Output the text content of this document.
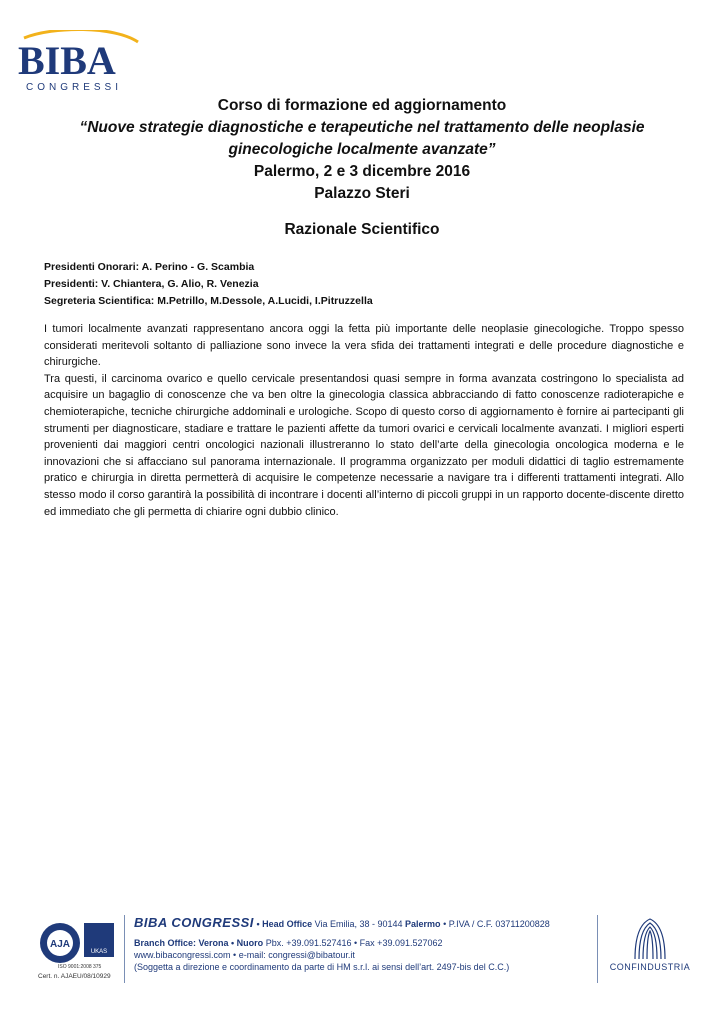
BIBA
CONGRESSI
Corso di formazione ed aggiornamento
“Nuove strategie diagnostiche e terapeutiche nel trattamento delle neoplasie
ginecologiche localmente avanzate”
Palermo, 2 e 3 dicembre 2016
Palazzo Steri
Razionale Scientifico
Presidenti Onorari: A. Perino - G. Scambia
Presidenti: V. Chiantera, G. Alio, R. Venezia
Segreteria Scientifica: M.Petrillo, M.Dessole, A.Lucidi, I.Pitruzzella

I tumori localmente avanzati rappresentano ancora oggi la fetta più importante delle neoplasie ginecologiche. Troppo spesso considerati meritevoli soltanto di palliazione sono invece la vera sfida dei trattamenti integrati e delle procedure diagnostiche e chirurgiche.

Tra questi, il carcinoma ovarico e quello cervicale presentandosi quasi sempre in forma avanzata costringono lo specialista ad acquisire un bagaglio di conoscenze che va ben oltre la ginecologia classica abbracciando di fatto conoscenze radioterapiche e chemioterapiche, tecniche chirurgiche addominali e urologiche. Scopo di questo corso di aggiornamento è fornire ai partecipanti gli strumenti per diagnosticare, stadiare e trattare le pazienti affette da tumori ovarici e cervicali localmente avanzati. I migliori esperti provenienti dai maggiori centri oncologici nazionali illustreranno lo stato dell’arte della ginecologia oncologica moderna e le innovazioni che si affacciano sul panorama internazionale. Il programma organizzato per moduli didattici di taglio estremamente pratico e chirurgia in diretta permetterà di acquisire le competenze necessarie a navigare tra i differenti trattamenti integrati. Allo stesso modo il corso garantirà la possibilità di incontrare i docenti all’interno di piccoli gruppi in un rapporto docente-discente diretto ed immediato che gli permetta di chiarire ogni dubbio clinico.

AJA
UKAS
ISO 9001:2008 375
Cert. n. AJAEU/08/10929
BIBA CONGRESSI • Head Office Via Emilia, 38 - 90144 Palermo • P.IVA / C.F. 03711200828
Branch Office: Verona • Nuoro Pbx. +39.091.527416 • Fax +39.091.527062
www.bibacongressi.com • e-mail: congressi@bibatour.it
(Soggetta a direzione e coordinamento da parte di HM s.r.l. ai sensi dell’art. 2497-bis del C.C.)	CONFINDUSTRIA
